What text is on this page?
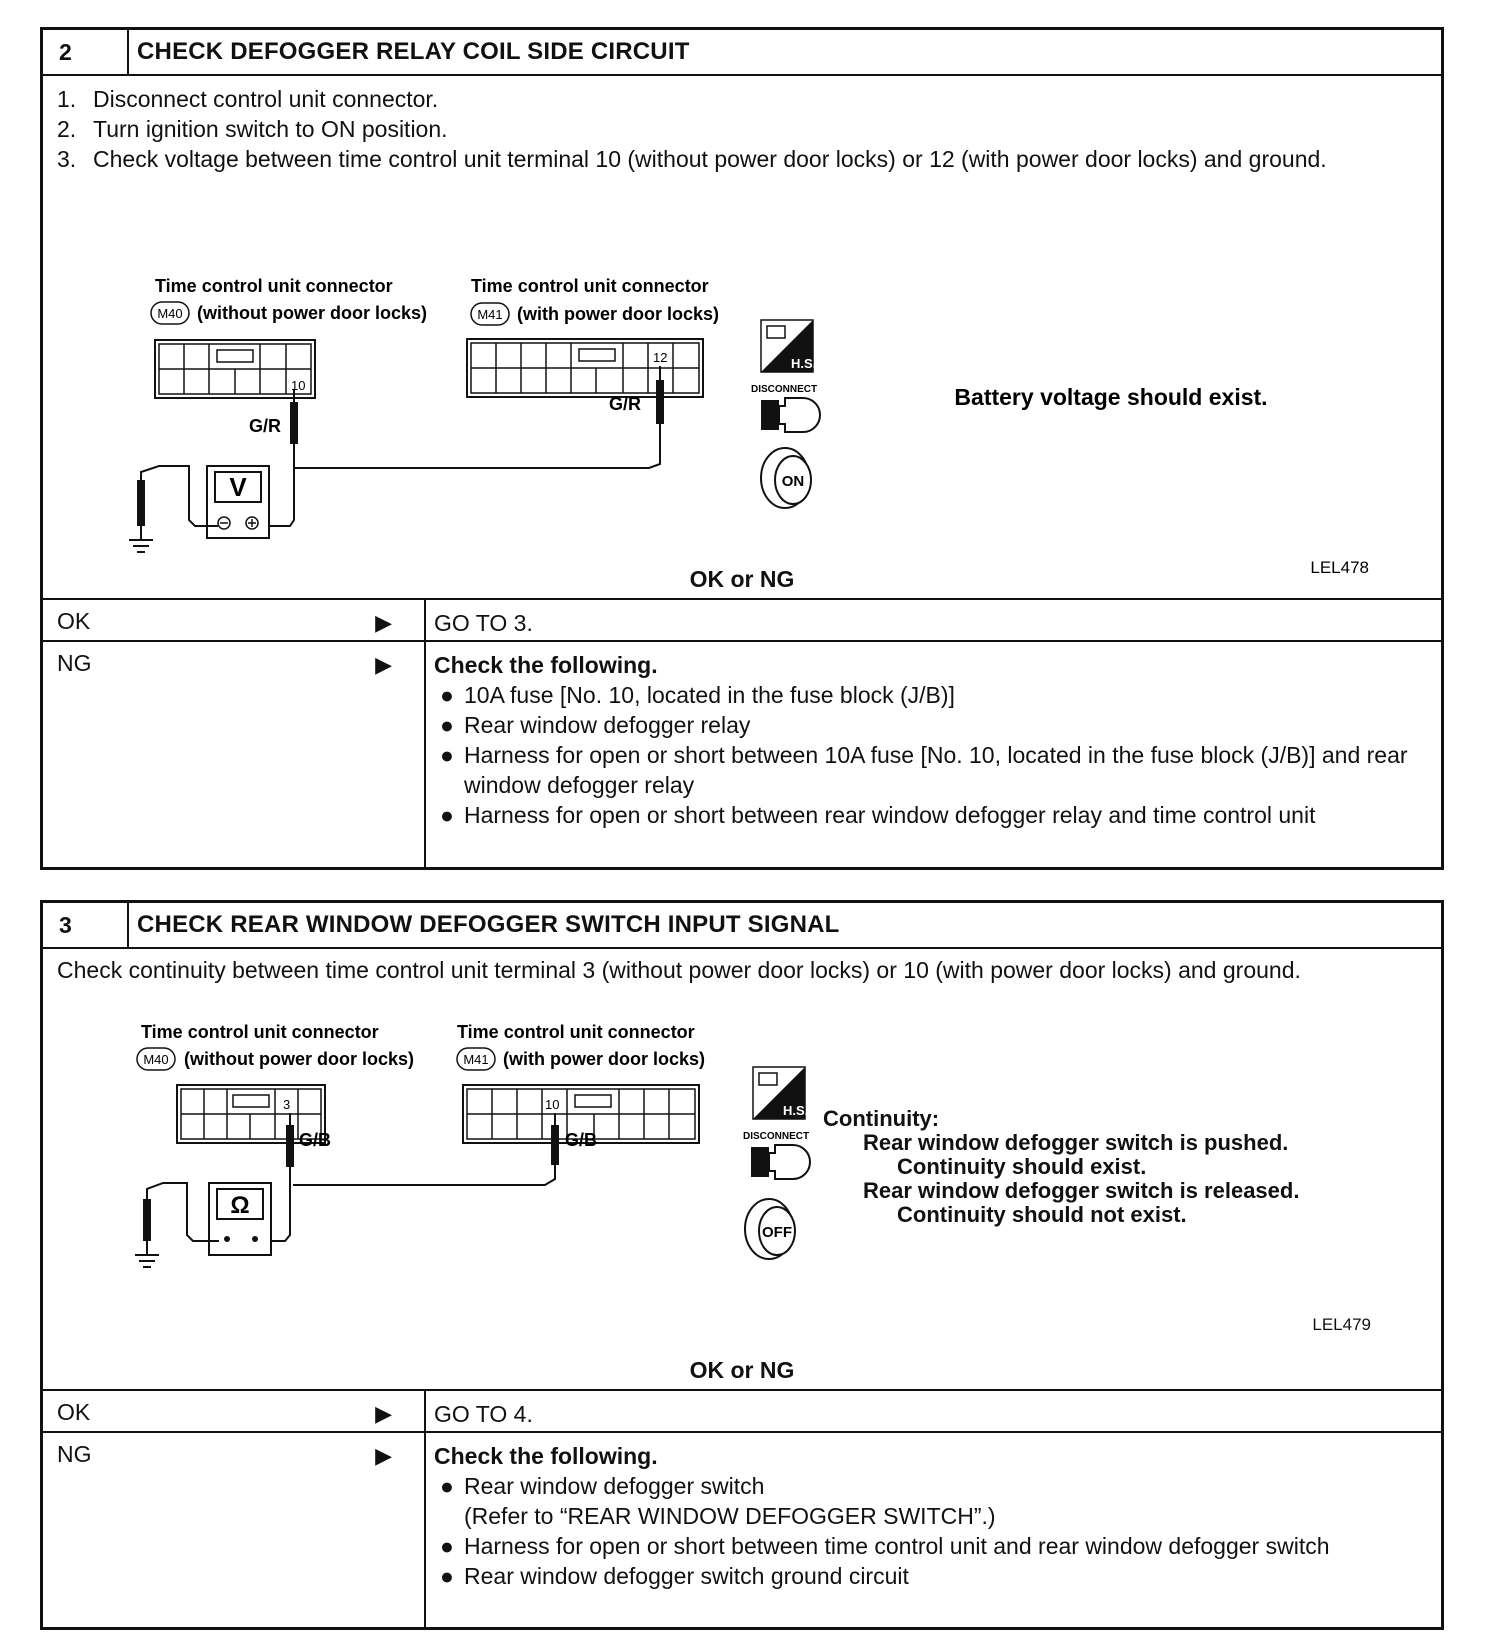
2	CHECK DEFOGGER RELAY COIL SIDE CIRCUIT
1. Disconnect control unit connector.
2. Turn ignition switch to ON position.
3. Check voltage between time control unit terminal 10 (without power door locks) or 12 (with power door locks) and ground.
Time control unit connector
M40 (without power door locks)
10
G/R
Time control unit connector
M41 (with power door locks)
12
G/R
V
H.S.
DISCONNECT
ON
Battery voltage should exist.
LEL478
OK or NG
OK	▶	GO TO 3.
NG	▶ Check the following.
● 10A fuse [No. 10, located in the fuse block (J/B)]
● Rear window defogger relay
● Harness for open or short between 10A fuse [No. 10, located in the fuse block (J/B)] and rear window defogger relay
● Harness for open or short between rear window defogger relay and time control unit
3	CHECK REAR WINDOW DEFOGGER SWITCH INPUT SIGNAL
Check continuity between time control unit terminal 3 (without power door locks) or 10 (with power door locks) and ground.
Time control unit connector
M40 (without power door locks)
3
G/B
Time control unit connector
M41 (with power door locks)
10
G/B
Ω
H.S.
DISCONNECT
OFF
Continuity:
Rear window defogger switch is pushed.
Continuity should exist.
Rear window defogger switch is released.
Continuity should not exist.
LEL479
OK or NG
OK	▶	GO TO 4.
NG	▶ Check the following.
● Rear window defogger switch
(Refer to “REAR WINDOW DEFOGGER SWITCH”.)
● Harness for open or short between time control unit and rear window defogger switch
● Rear window defogger switch ground circuit
